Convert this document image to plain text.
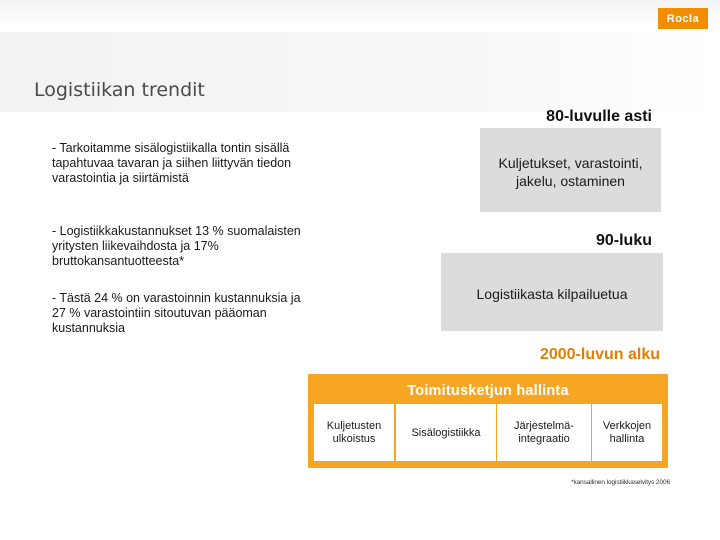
Rocla
Logistiikan trendit
- Tarkoitamme sisälogistiikalla tontin sisällä tapahtuvaa tavaran ja siihen liittyvän tiedon varastointia ja siirtämistä
- Logistiikkakustannukset 13 % suomalaisten yritysten liikevaihdosta ja 17% bruttokansantuotteesta*
- Tästä 24 % on varastoinnin kustannuksia ja 27 % varastointiin sitoutuvan pääoman kustannuksia
80-luvulle asti
Kuljetukset, varastointi, jakelu, ostaminen
90-luku
Logistiikasta kilpailuetua
2000-luvun alku
Toimitusketjun hallinta
Kuljetusten ulkoistus	Sisälogistiikka
Järjestelmä-integraatio
Verkkojen hallinta
*kansallinen logistiikkaselvitys 2006
